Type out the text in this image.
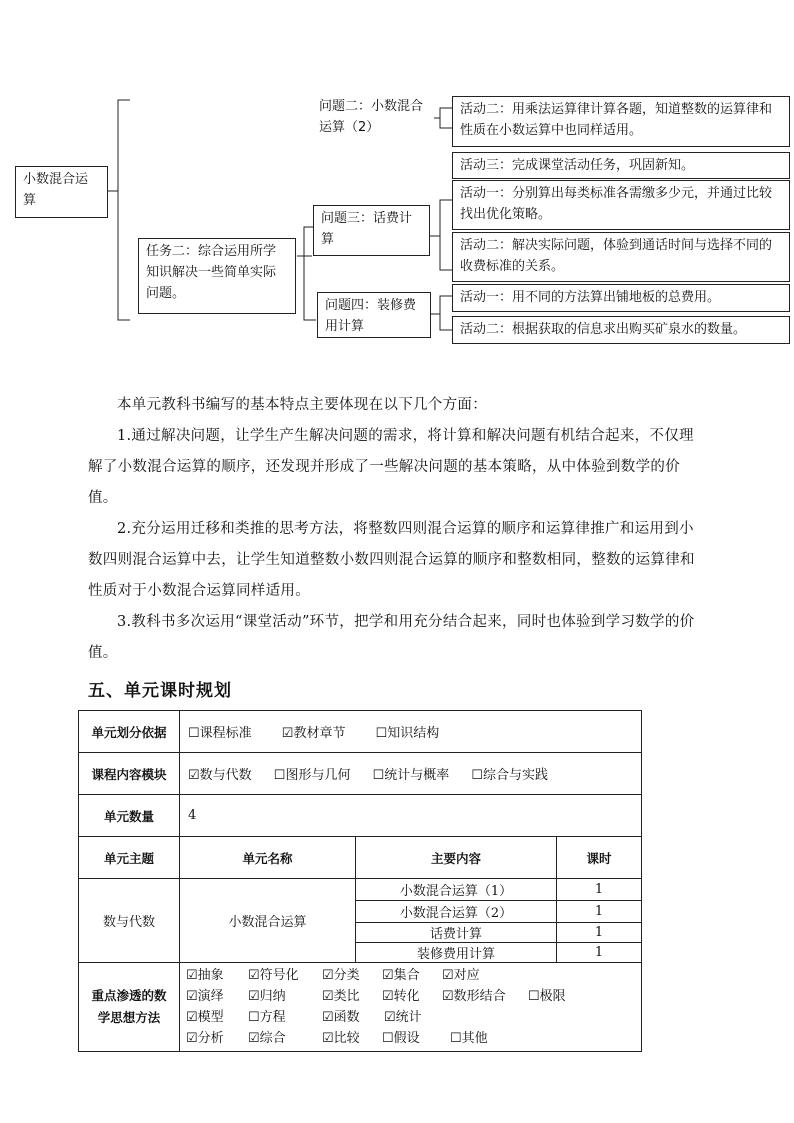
小数混合运算
任务二：综合运用所学知识解决一些简单实际问题。
问题二：小数混合运算（2）
活动二：用乘法运算律计算各题，知道整数的运算律和性质在小数运算中也同样适用。
活动三：完成课堂活动任务，巩固新知。
问题三：话费计算
活动一：分别算出每类标准各需缴多少元，并通过比较找出优化策略。
活动二：解决实际问题，体验到通话时间与选择不同的收费标准的关系。
问题四：装修费用计算
活动一：用不同的方法算出铺地板的总费用。
活动二：根据获取的信息求出购买矿泉水的数量。

本单元教科书编写的基本特点主要体现在以下几个方面：

1.通过解决问题，让学生产生解决问题的需求，将计算和解决问题有机结合起来，不仅理解了小数混合运算的顺序，还发现并形成了一些解决问题的基本策略，从中体验到数学的价值。

2.充分运用迁移和类推的思考方法，将整数四则混合运算的顺序和运算律推广和运用到小数四则混合运算中去，让学生知道整数小数四则混合运算的顺序和整数相同，整数的运算律和性质对于小数混合运算同样适用。

3.教科书多次运用“课堂活动”环节，把学和用充分结合起来，同时也体验到学习数学的价值。

五、单元课时规划
单元划分依据	☐课程标准 ☑教材章节 ☐知识结构		
课程内容模块	☑数与代数 ☐图形与几何 ☐统计与概率 ☐综合与实践		
单元数量	4		
单元主题	单元名称	主要内容	课时
数与代数	小数混合运算	小数混合运算（1）	1
		小数混合运算（2）	1
		话费计算	1
		装修费用计算	1
重点渗透的数学思想方法	☑抽象 ☑符号化 ☑分类 ☑集合 ☑对应
☑演绎 ☑归纳 ☑类比 ☑转化 ☑数形结合 ☐极限
☑模型 ☐方程 ☑函数 ☑统计
☑分析 ☑综合 ☑比较 ☐假设 ☐其他		
